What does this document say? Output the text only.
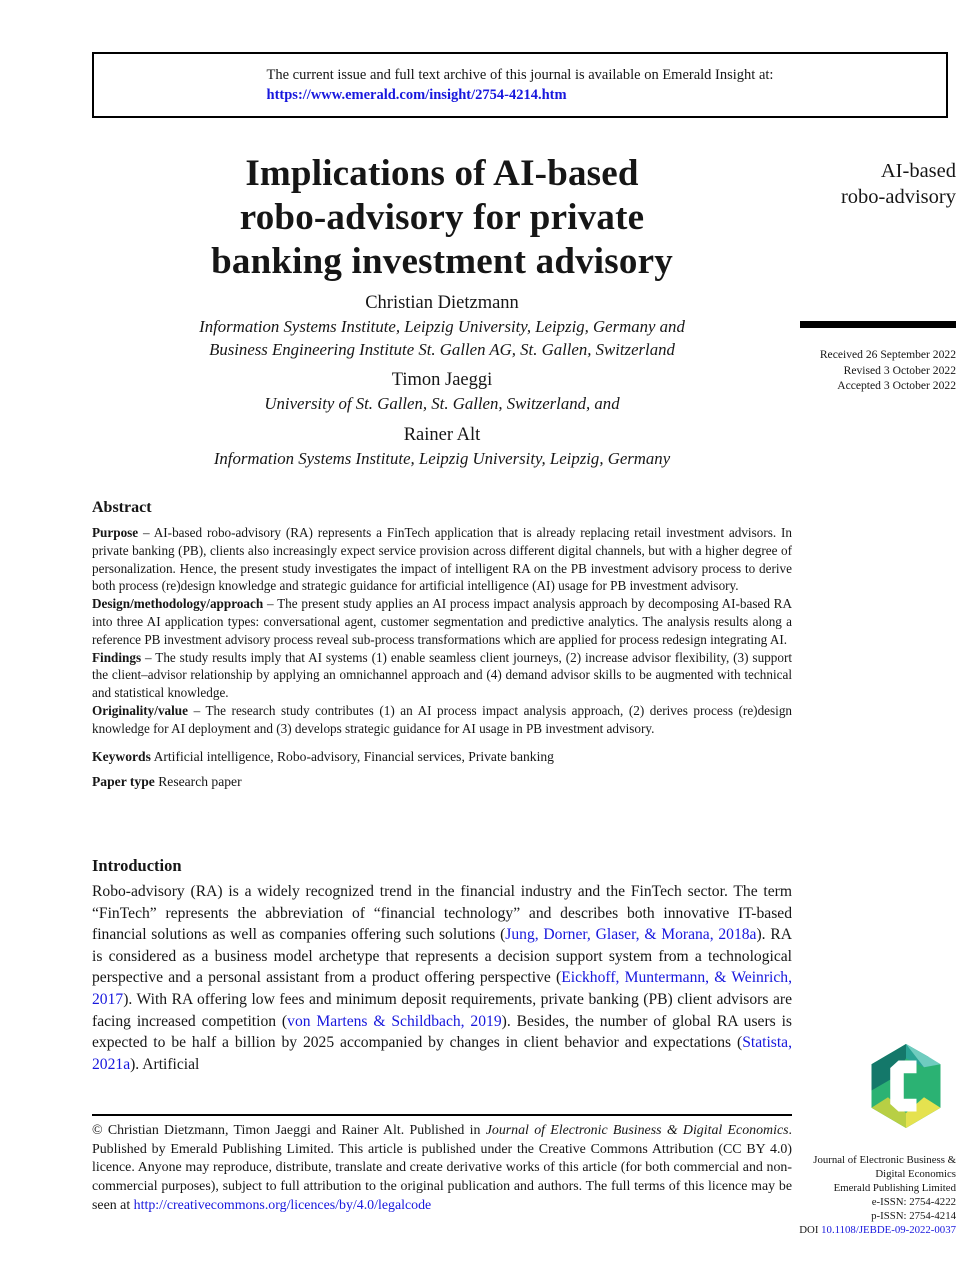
The current issue and full text archive of this journal is available on Emerald Insight at:
https://www.emerald.com/insight/2754-4214.htm
AI-based
robo-advisory
Received 26 September 2022
Revised 3 October 2022
Accepted 3 October 2022
Implications of AI-based
robo-advisory for private
banking investment advisory
Christian Dietzmann
Information Systems Institute, Leipzig University, Leipzig, Germany and
Business Engineering Institute St. Gallen AG, St. Gallen, Switzerland
Timon Jaeggi
University of St. Gallen, St. Gallen, Switzerland, and
Rainer Alt
Information Systems Institute, Leipzig University, Leipzig, Germany
Abstract

Purpose – AI-based robo-advisory (RA) represents a FinTech application that is already replacing retail investment advisors. In private banking (PB), clients also increasingly expect service provision across different digital channels, but with a higher degree of personalization. Hence, the present study investigates the impact of intelligent RA on the PB investment advisory process to derive both process (re)design knowledge and strategic guidance for artificial intelligence (AI) usage for PB investment advisory.

Design/methodology/approach – The present study applies an AI process impact analysis approach by decomposing AI-based RA into three AI application types: conversational agent, customer segmentation and predictive analytics. The analysis results along a reference PB investment advisory process reveal sub-process transformations which are applied for process redesign integrating AI.

Findings – The study results imply that AI systems (1) enable seamless client journeys, (2) increase advisor flexibility, (3) support the client–advisor relationship by applying an omnichannel approach and (4) demand advisor skills to be augmented with technical and statistical knowledge.

Originality/value – The research study contributes (1) an AI process impact analysis approach, (2) derives process (re)design knowledge for AI deployment and (3) develops strategic guidance for AI usage in PB investment advisory.

Keywords Artificial intelligence, Robo-advisory, Financial services, Private banking
Paper type Research paper
Introduction

Robo-advisory (RA) is a widely recognized trend in the financial industry and the FinTech sector. The term “FinTech” represents the abbreviation of “financial technology” and describes both innovative IT-based financial solutions as well as companies offering such solutions (Jung, Dorner, Glaser, & Morana, 2018a). RA is considered as a business model archetype that represents a decision support system from a technological perspective and a personal assistant from a product offering perspective (Eickhoff, Muntermann, & Weinrich, 2017). With RA offering low fees and minimum deposit requirements, private banking (PB) client advisors are facing increased competition (von Martens & Schildbach, 2019). Besides, the number of global RA users is expected to be half a billion by 2025 accompanied by changes in client behavior and expectations (Statista, 2021a). Artificial

© Christian Dietzmann, Timon Jaeggi and Rainer Alt. Published in Journal of Electronic Business & Digital Economics. Published by Emerald Publishing Limited. This article is published under the Creative Commons Attribution (CC BY 4.0) licence. Anyone may reproduce, distribute, translate and create derivative works of this article (for both commercial and non-commercial purposes), subject to full attribution to the original publication and authors. The full terms of this licence may be seen at http://creativecommons.org/licences/by/4.0/legalcode
Journal of Electronic Business &
Digital Economics
Emerald Publishing Limited
e-ISSN: 2754-4222
p-ISSN: 2754-4214
DOI 10.1108/JEBDE-09-2022-0037
